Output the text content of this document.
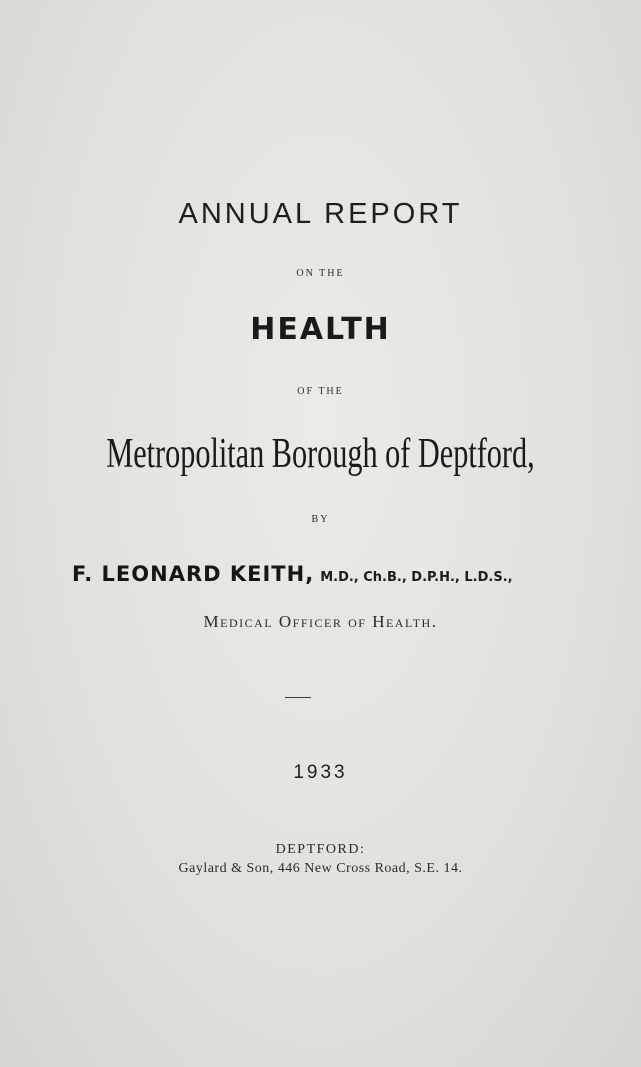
ANNUAL REPORT
ON THE
HEALTH
OF THE
Metropolitan Borough of Deptford,
BY
F. LEONARD KEITH, M.D., Ch.B., D.P.H., L.D.S.,
Medical Officer of Health.
1933
DEPTFORD:
Gaylard & Son, 446 New Cross Road, S.E. 14.
